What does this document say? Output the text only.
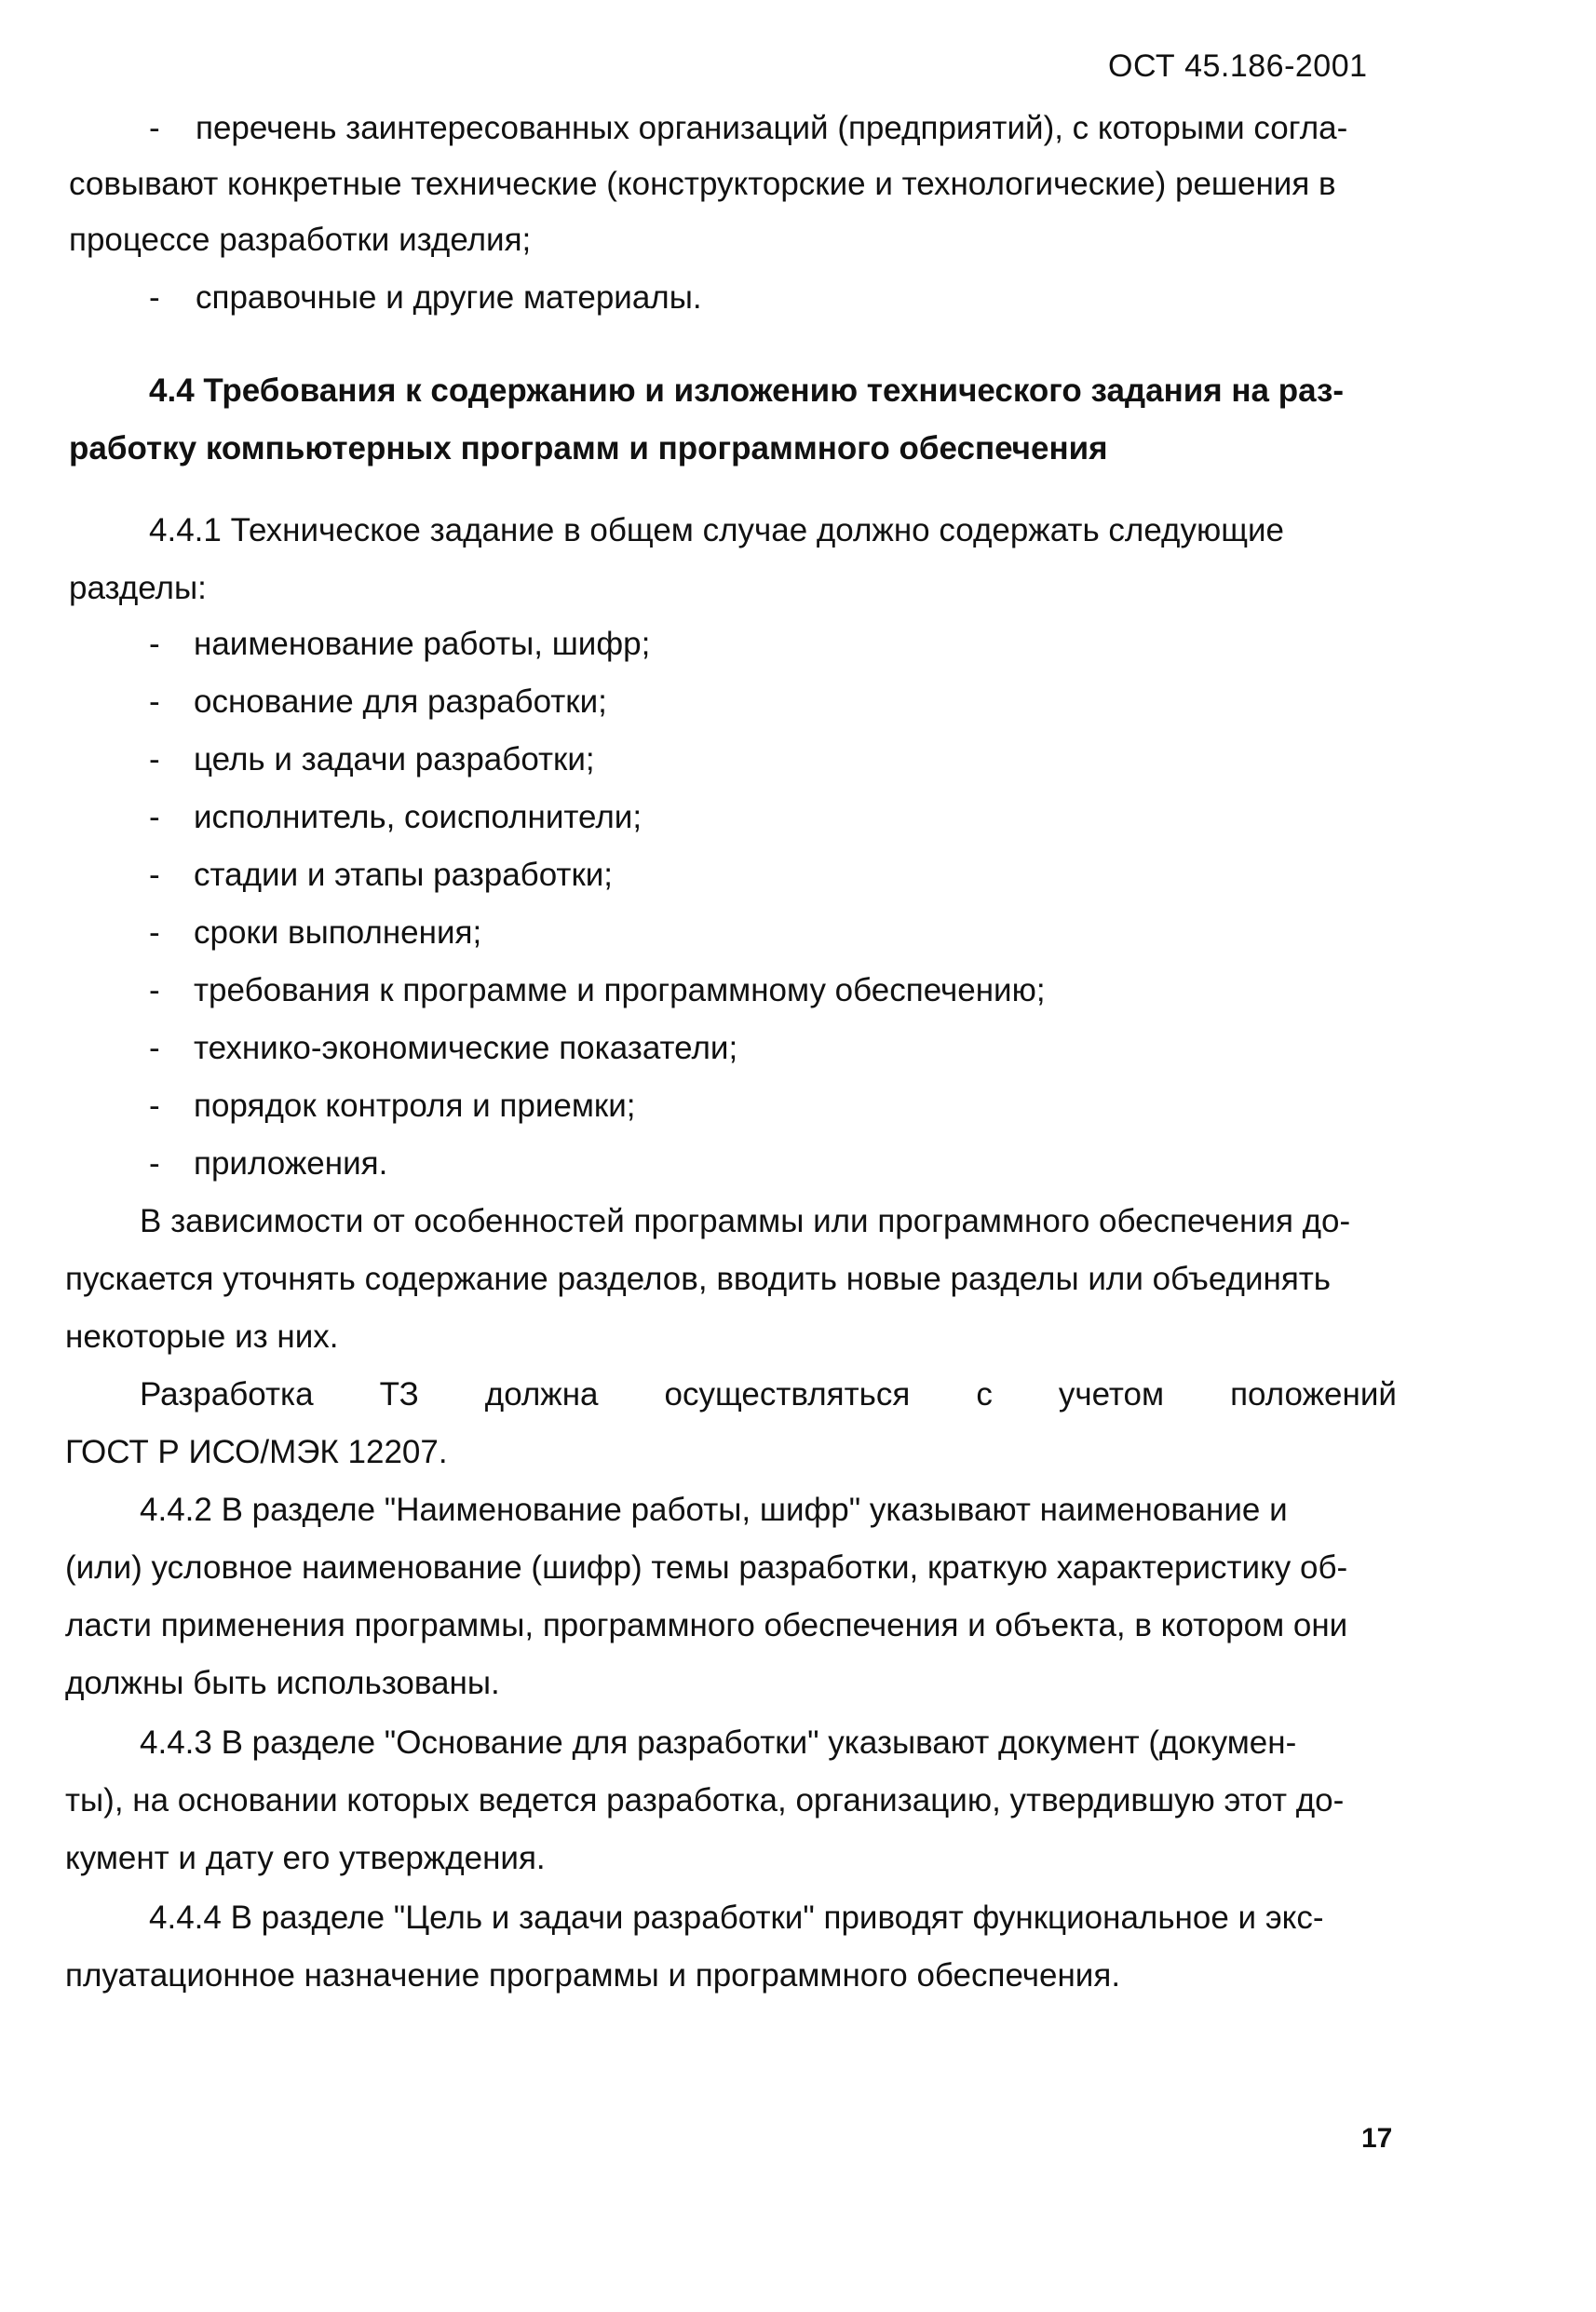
ОСТ 45.186-2001
- перечень заинтересованных организаций (предприятий), с которыми согла-
совывают конкретные технические (конструкторские и технологические) решения в
процессе разработки изделия;
- справочные и другие материалы.
4.4 Требования к содержанию и изложению технического задания на раз-
работку компьютерных программ и программного обеспечения
4.4.1 Техническое задание в общем случае должно содержать следующие
разделы:
- наименование работы, шифр;
- основание для разработки;
- цель и задачи разработки;
- исполнитель, соисполнители;
- стадии и этапы разработки;
- сроки выполнения;
- требования к программе и программному обеспечению;
- технико-экономические показатели;
- порядок контроля и приемки;
- приложения.
В зависимости от особенностей программы или программного обеспечения до-
пускается уточнять содержание разделов, вводить новые разделы или объединять
некоторые из них.
Разработка ТЗ должна осуществляться с учетом положений
ГОСТ Р ИСО/МЭК 12207.
4.4.2 В разделе "Наименование работы, шифр" указывают наименование и
(или) условное наименование (шифр) темы разработки, краткую характеристику об-
ласти применения программы, программного обеспечения и объекта, в котором они
должны быть использованы.
4.4.3 В разделе "Основание для разработки" указывают документ (докумен-
ты), на основании которых ведется разработка, организацию, утвердившую этот до-
кумент и дату его утверждения.
4.4.4 В разделе "Цель и задачи разработки" приводят функциональное и экс-
плуатационное назначение программы и программного обеспечения.
17
